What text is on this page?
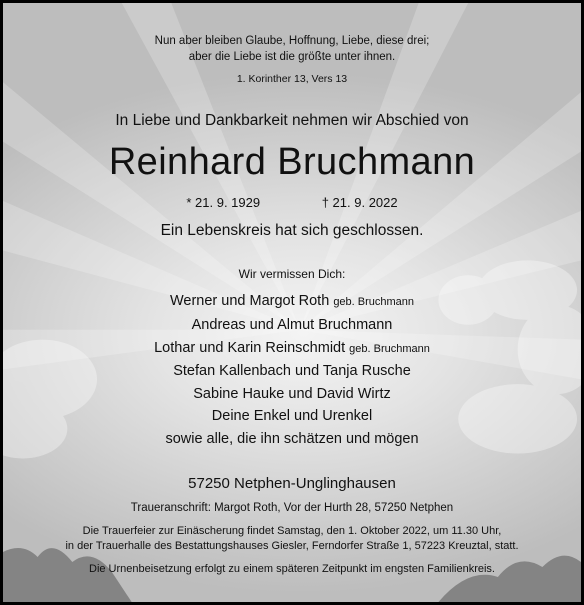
Nun aber bleiben Glaube, Hoffnung, Liebe, diese drei;
aber die Liebe ist die größte unter ihnen.
1. Korinther 13, Vers 13
In Liebe und Dankbarkeit nehmen wir Abschied von
Reinhard Bruchmann
* 21. 9. 1929	† 21. 9. 2022
Ein Lebenskreis hat sich geschlossen.
Wir vermissen Dich:
Werner und Margot Roth geb. Bruchmann
Andreas und Almut Bruchmann
Lothar und Karin Reinschmidt geb. Bruchmann
Stefan Kallenbach und Tanja Rusche
Sabine Hauke und David Wirtz
Deine Enkel und Urenkel
sowie alle, die ihn schätzen und mögen
57250 Netphen-Unglinghausen
Traueranschrift: Margot Roth, Vor der Hurth 28, 57250 Netphen
Die Trauerfeier zur Einäscherung findet Samstag, den 1. Oktober 2022, um 11.30 Uhr,
in der Trauerhalle des Bestattungshauses Giesler, Ferndorfer Straße 1, 57223 Kreuztal, statt.
Die Urnenbeisetzung erfolgt zu einem späteren Zeitpunkt im engsten Familienkreis.
